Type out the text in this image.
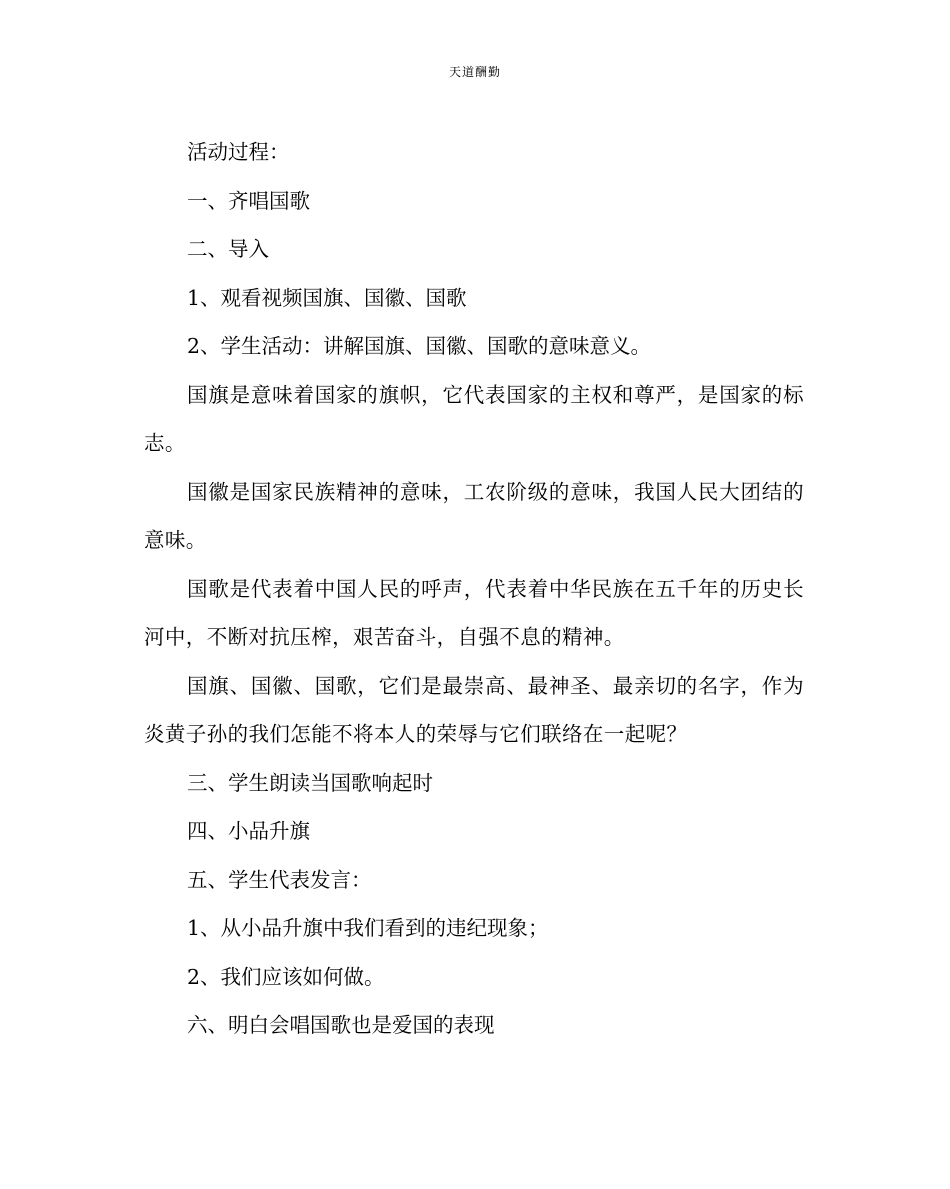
天道酬勤

活动过程：

一、齐唱国歌

二、导入

1、观看视频国旗、国徽、国歌

2、学生活动：讲解国旗、国徽、国歌的意味意义。

国旗是意味着国家的旗帜，它代表国家的主权和尊严，是国家的标志。

国徽是国家民族精神的意味，工农阶级的意味，我国人民大团结的意味。

国歌是代表着中国人民的呼声，代表着中华民族在五千年的历史长河中，不断对抗压榨，艰苦奋斗，自强不息的精神。

国旗、国徽、国歌，它们是最崇高、最神圣、最亲切的名字，作为炎黄子孙的我们怎能不将本人的荣辱与它们联络在一起呢？

三、学生朗读当国歌响起时

四、小品升旗

五、学生代表发言：

1、从小品升旗中我们看到的违纪现象；

2、我们应该如何做。

六、明白会唱国歌也是爱国的表现
